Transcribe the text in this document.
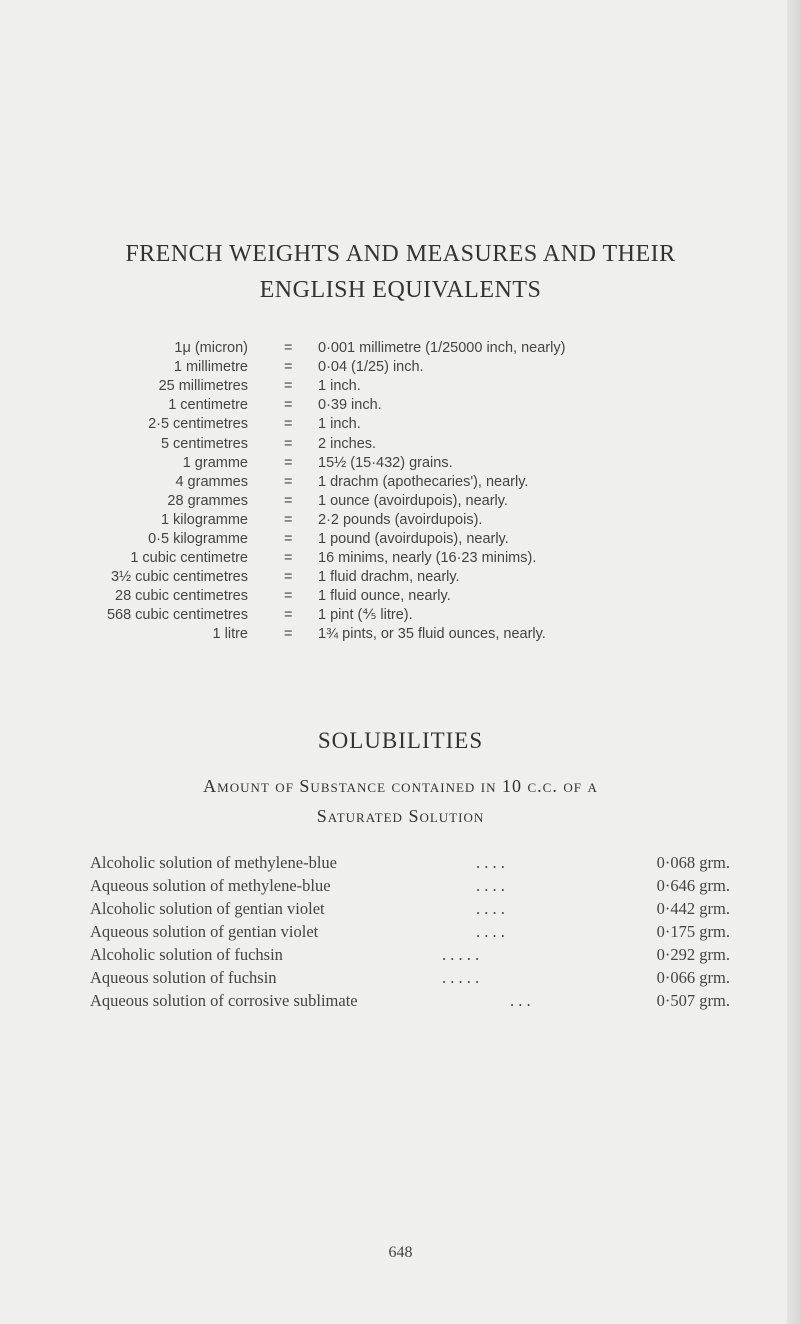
FRENCH WEIGHTS AND MEASURES AND THEIR
ENGLISH EQUIVALENTS
1μ (micron) = 0·001 millimetre (1/25000 inch, nearly)
1 millimetre = 0·04 (1/25) inch.
25 millimetres = 1 inch.
1 centimetre = 0·39 inch.
2·5 centimetres = 1 inch.
5 centimetres = 2 inches.
1 gramme = 15½ (15·432) grains.
4 grammes = 1 drachm (apothecaries'), nearly.
28 grammes = 1 ounce (avoirdupois), nearly.
1 kilogramme = 2·2 pounds (avoirdupois).
0·5 kilogramme = 1 pound (avoirdupois), nearly.
1 cubic centimetre = 16 minims, nearly (16·23 minims).
3½ cubic centimetres = 1 fluid drachm, nearly.
28 cubic centimetres = 1 fluid ounce, nearly.
568 cubic centimetres = 1 pint (⅘ litre).
1 litre = 1¾ pints, or 35 fluid ounces, nearly.
SOLUBILITIES
Amount of Substance contained in 10 c.c. of a
Saturated Solution
Alcoholic solution of methylene-blue	. . . .	0·068 grm.
Aqueous solution of methylene-blue	. . . .	0·646 grm.
Alcoholic solution of gentian violet	. . . .	0·442 grm.
Aqueous solution of gentian violet	. . . .	0·175 grm.
Alcoholic solution of fuchsin	. . . . .	0·292 grm.
Aqueous solution of fuchsin	. . . . .	0·066 grm.
Aqueous solution of corrosive sublimate	. . .	0·507 grm.
648
